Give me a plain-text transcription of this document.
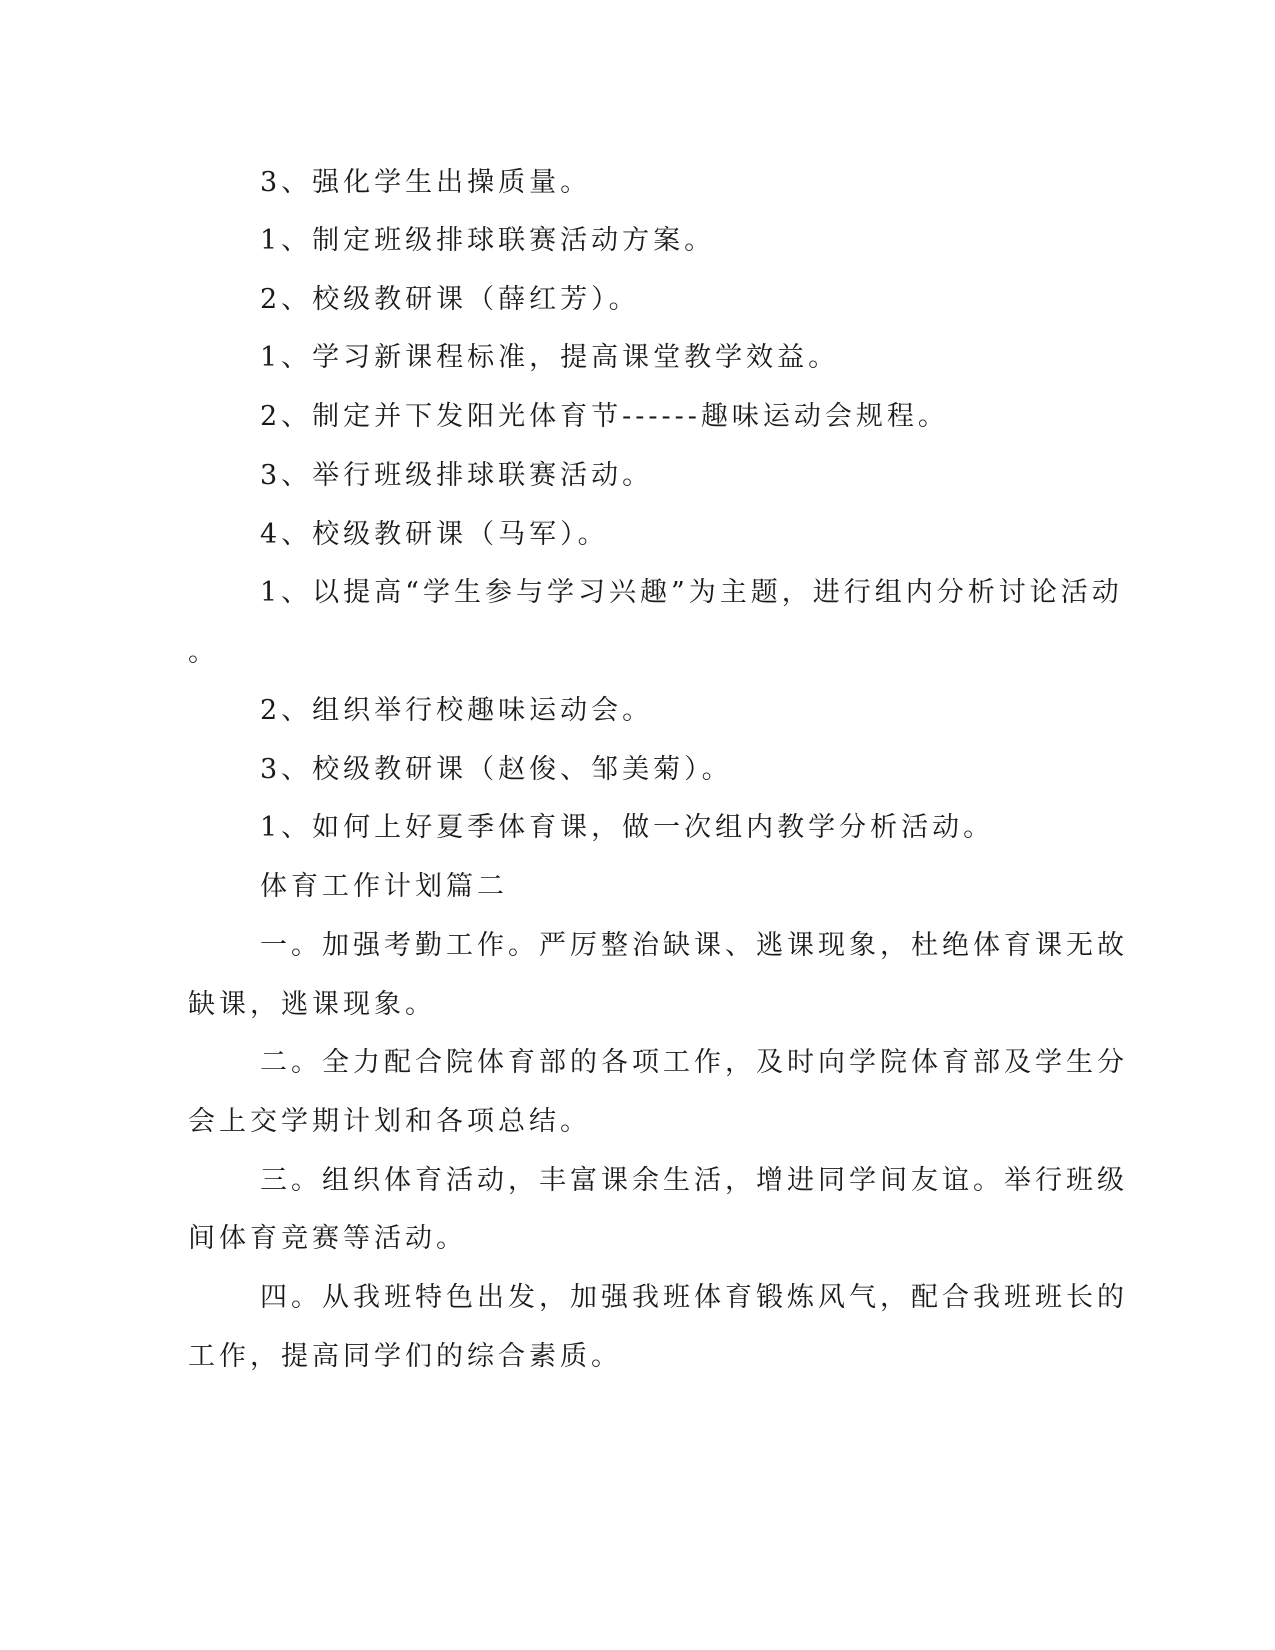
3、强化学生出操质量。
1、制定班级排球联赛活动方案。
2、校级教研课（薛红芳）。
1、学习新课程标准，提高课堂教学效益。
2、制定并下发阳光体育节------趣味运动会规程。
3、举行班级排球联赛活动。
4、校级教研课（马军）。
1、以提高“学生参与学习兴趣”为主题，进行组内分析讨论活动
。
2、组织举行校趣味运动会。
3、校级教研课（赵俊、邹美菊）。
1、如何上好夏季体育课，做一次组内教学分析活动。
体育工作计划篇二
一。加强考勤工作。严厉整治缺课、逃课现象，杜绝体育课无故
缺课，逃课现象。
二。全力配合院体育部的各项工作，及时向学院体育部及学生分
会上交学期计划和各项总结。
三。组织体育活动，丰富课余生活，增进同学间友谊。举行班级
间体育竞赛等活动。
四。从我班特色出发，加强我班体育锻炼风气，配合我班班长的
工作，提高同学们的综合素质。
